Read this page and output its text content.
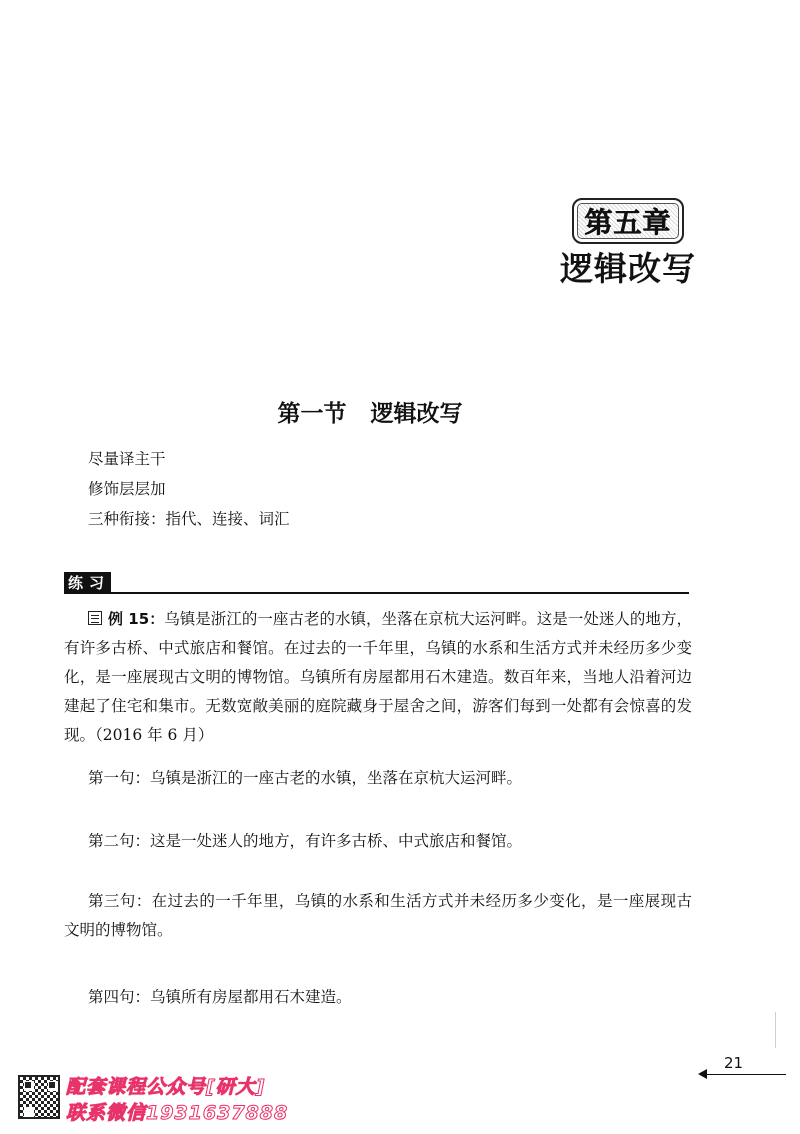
第五章
逻辑改写
第一节 逻辑改写
尽量译主干
修饰层层加
三种衔接：指代、连接、词汇
练习
例 15：乌镇是浙江的一座古老的水镇，坐落在京杭大运河畔。这是一处迷人的地方，有许多古桥、中式旅店和餐馆。在过去的一千年里，乌镇的水系和生活方式并未经历多少变化，是一座展现古文明的博物馆。乌镇所有房屋都用石木建造。数百年来，当地人沿着河边建起了住宅和集市。无数宽敞美丽的庭院藏身于屋舍之间，游客们每到一处都有会惊喜的发现。（2016 年 6 月）
第一句：乌镇是浙江的一座古老的水镇，坐落在京杭大运河畔。
第二句：这是一处迷人的地方，有许多古桥、中式旅店和餐馆。
第三句：在过去的一千年里，乌镇的水系和生活方式并未经历多少变化，是一座展现古文明的博物馆。
第四句：乌镇所有房屋都用石木建造。
21
配套课程公众号[研大]
联系微信1931637888
